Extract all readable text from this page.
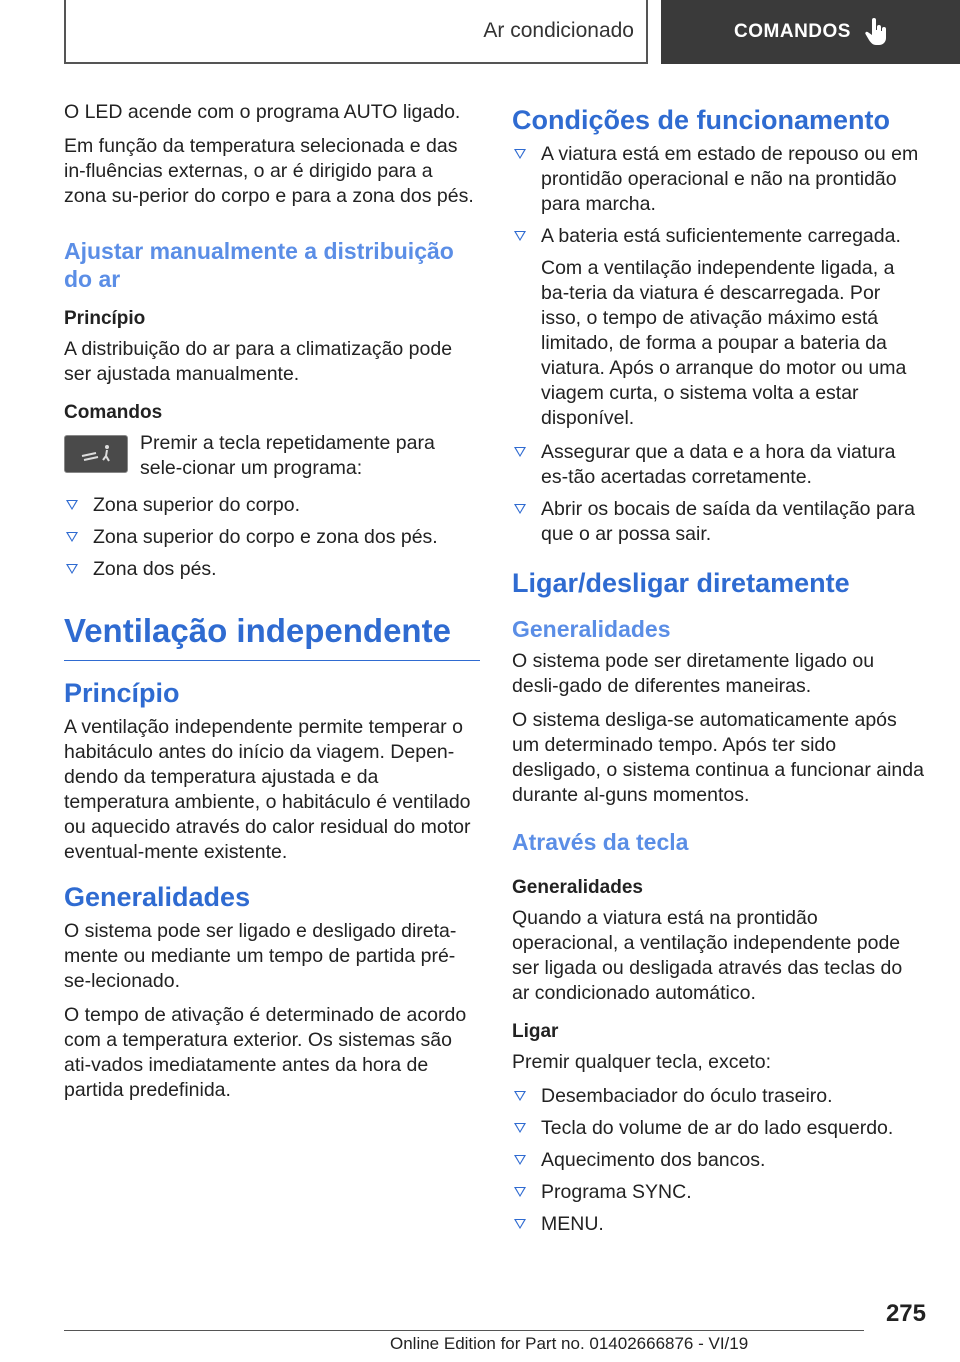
Ar condicionado	COMANDOS

O LED acende com o programa AUTO ligado.

Em função da temperatura selecionada e das in‐fluências externas, o ar é dirigido para a zona su‐perior do corpo e para a zona dos pés.

Ajustar manualmente a distribuição do ar
Princípio

A distribuição do ar para a climatização pode ser ajustada manualmente.

Comandos

Premir a tecla repetidamente para sele‐cionar um programa:

Zona superior do corpo.
Zona superior do corpo e zona dos pés.
Zona dos pés.
Ventilação independente
Princípio

A ventilação independente permite temperar o habitáculo antes do início da viagem. Depen‐dendo da temperatura ajustada e da temperatura ambiente, o habitáculo é ventilado ou aquecido através do calor residual do motor eventual‐mente existente.

Generalidades

O sistema pode ser ligado e desligado direta‐mente ou mediante um tempo de partida pré-se‐lecionado.

O tempo de ativação é determinado de acordo com a temperatura exterior. Os sistemas são ati‐vados imediatamente antes da hora de partida predefinida.

Condições de funcionamento
A viatura está em estado de repouso ou em prontidão operacional e não na prontidão para marcha.
A bateria está suficientemente carregada.

Com a ventilação independente ligada, a ba‐teria da viatura é descarregada. Por isso, o tempo de ativação máximo está limitado, de forma a poupar a bateria da viatura. Após o arranque do motor ou uma viagem curta, o sistema volta a estar disponível.

Assegurar que a data e a hora da viatura es‐tão acertadas corretamente.
Abrir os bocais de saída da ventilação para que o ar possa sair.
Ligar/desligar diretamente
Generalidades

O sistema pode ser diretamente ligado ou desli‐gado de diferentes maneiras.

O sistema desliga-se automaticamente após um determinado tempo. Após ter sido desligado, o sistema continua a funcionar ainda durante al‐guns momentos.

Através da tecla
Generalidades

Quando a viatura está na prontidão operacional, a ventilação independente pode ser ligada ou desligada através das teclas do ar condicionado automático.

Ligar

Premir qualquer tecla, exceto:

Desembaciador do óculo traseiro.
Tecla do volume de ar do lado esquerdo.
Aquecimento dos bancos.
Programa SYNC.
MENU.
275
Online Edition for Part no. 01402666876 - VI/19
